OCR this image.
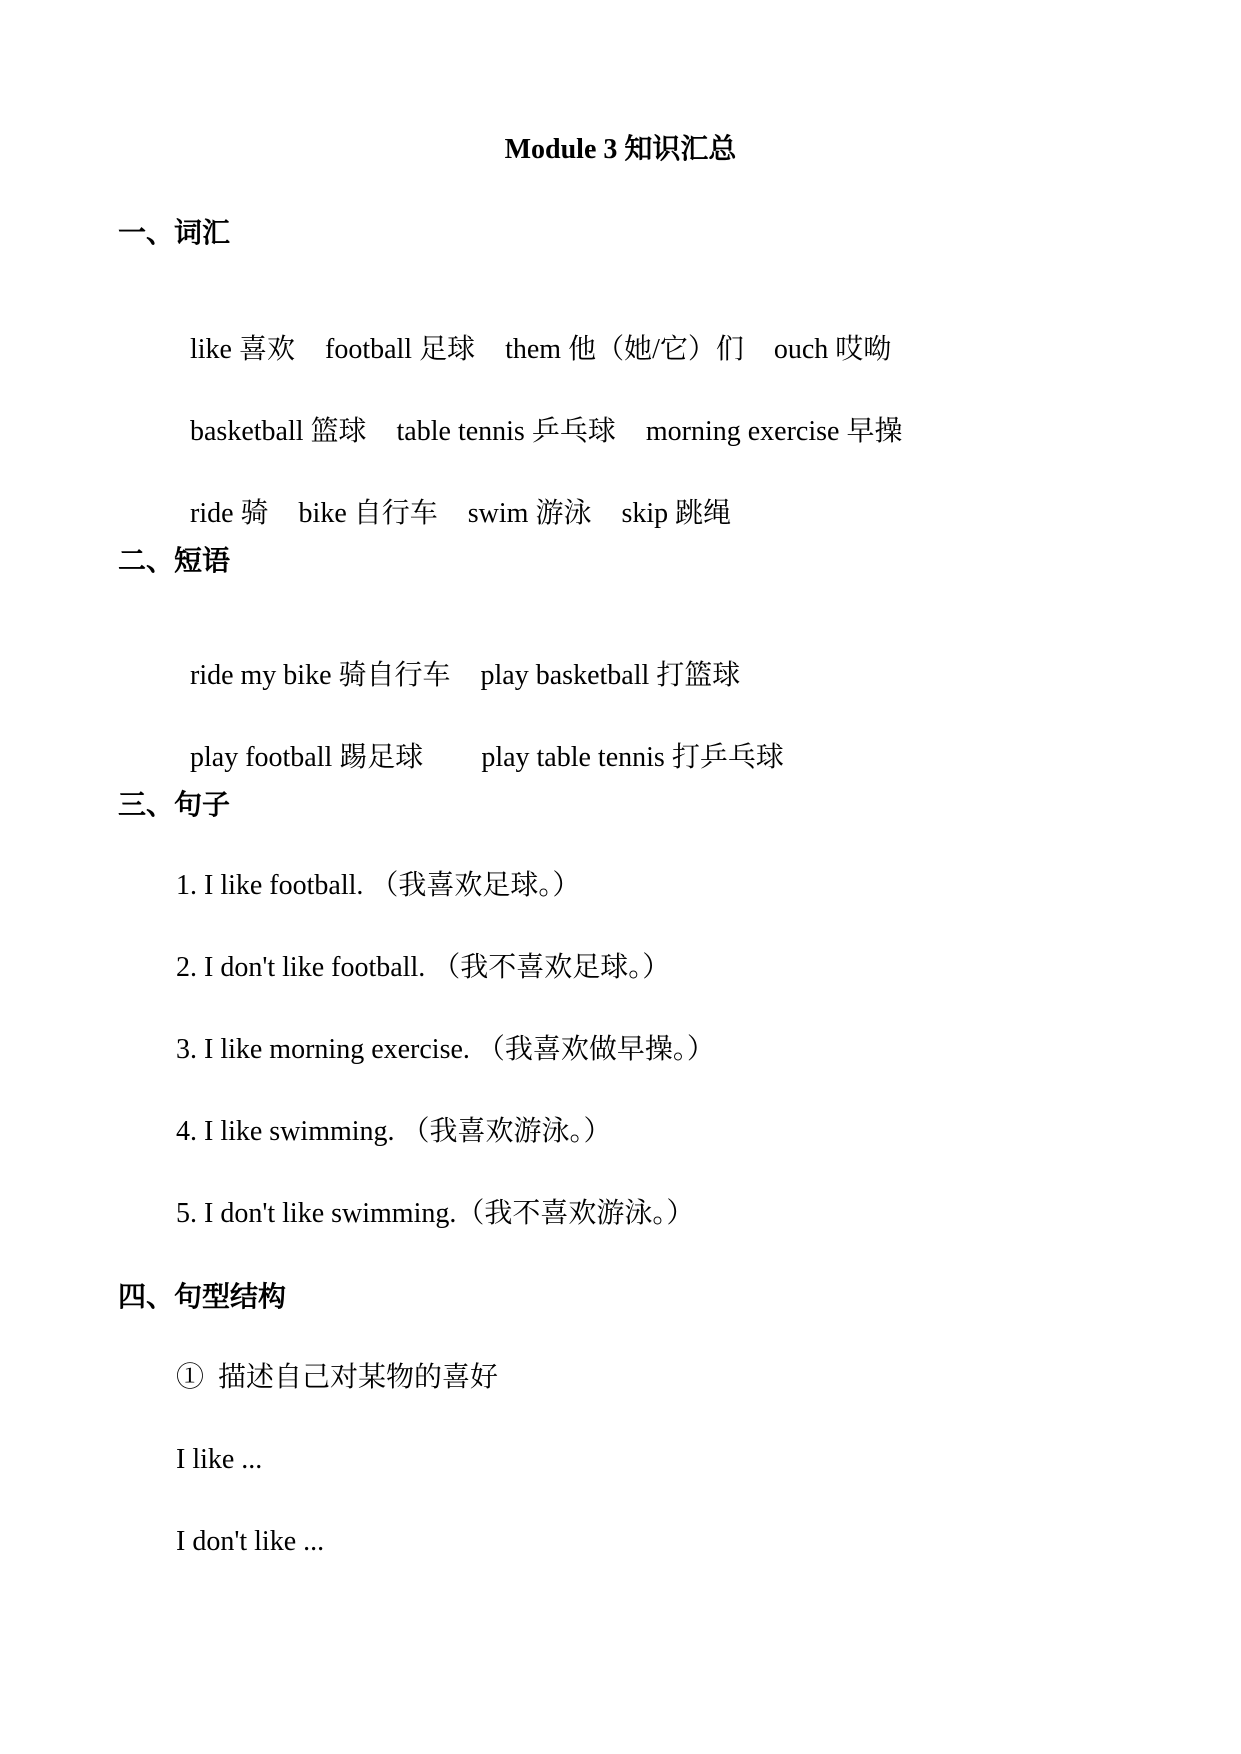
Module 3 知识汇总
一、词汇

like 喜欢 football 足球 them 他（她/它）们 ouch 哎呦

basketball 篮球 table tennis 乒乓球 morning exercise 早操

ride 骑 bike 自行车 swim 游泳 skip 跳绳

二、短语

ride my bike 骑自行车 play basketball 打篮球

play football 踢足球 play table tennis 打乒乓球

三、句子

1. I like football. （我喜欢足球。）

2. I don't like football. （我不喜欢足球。）

3. I like morning exercise. （我喜欢做早操。）

4. I like swimming. （我喜欢游泳。）

5. I don't like swimming.（我不喜欢游泳。）

四、句型结构

①  描述自己对某物的喜好

I like ...

I don't like ...
